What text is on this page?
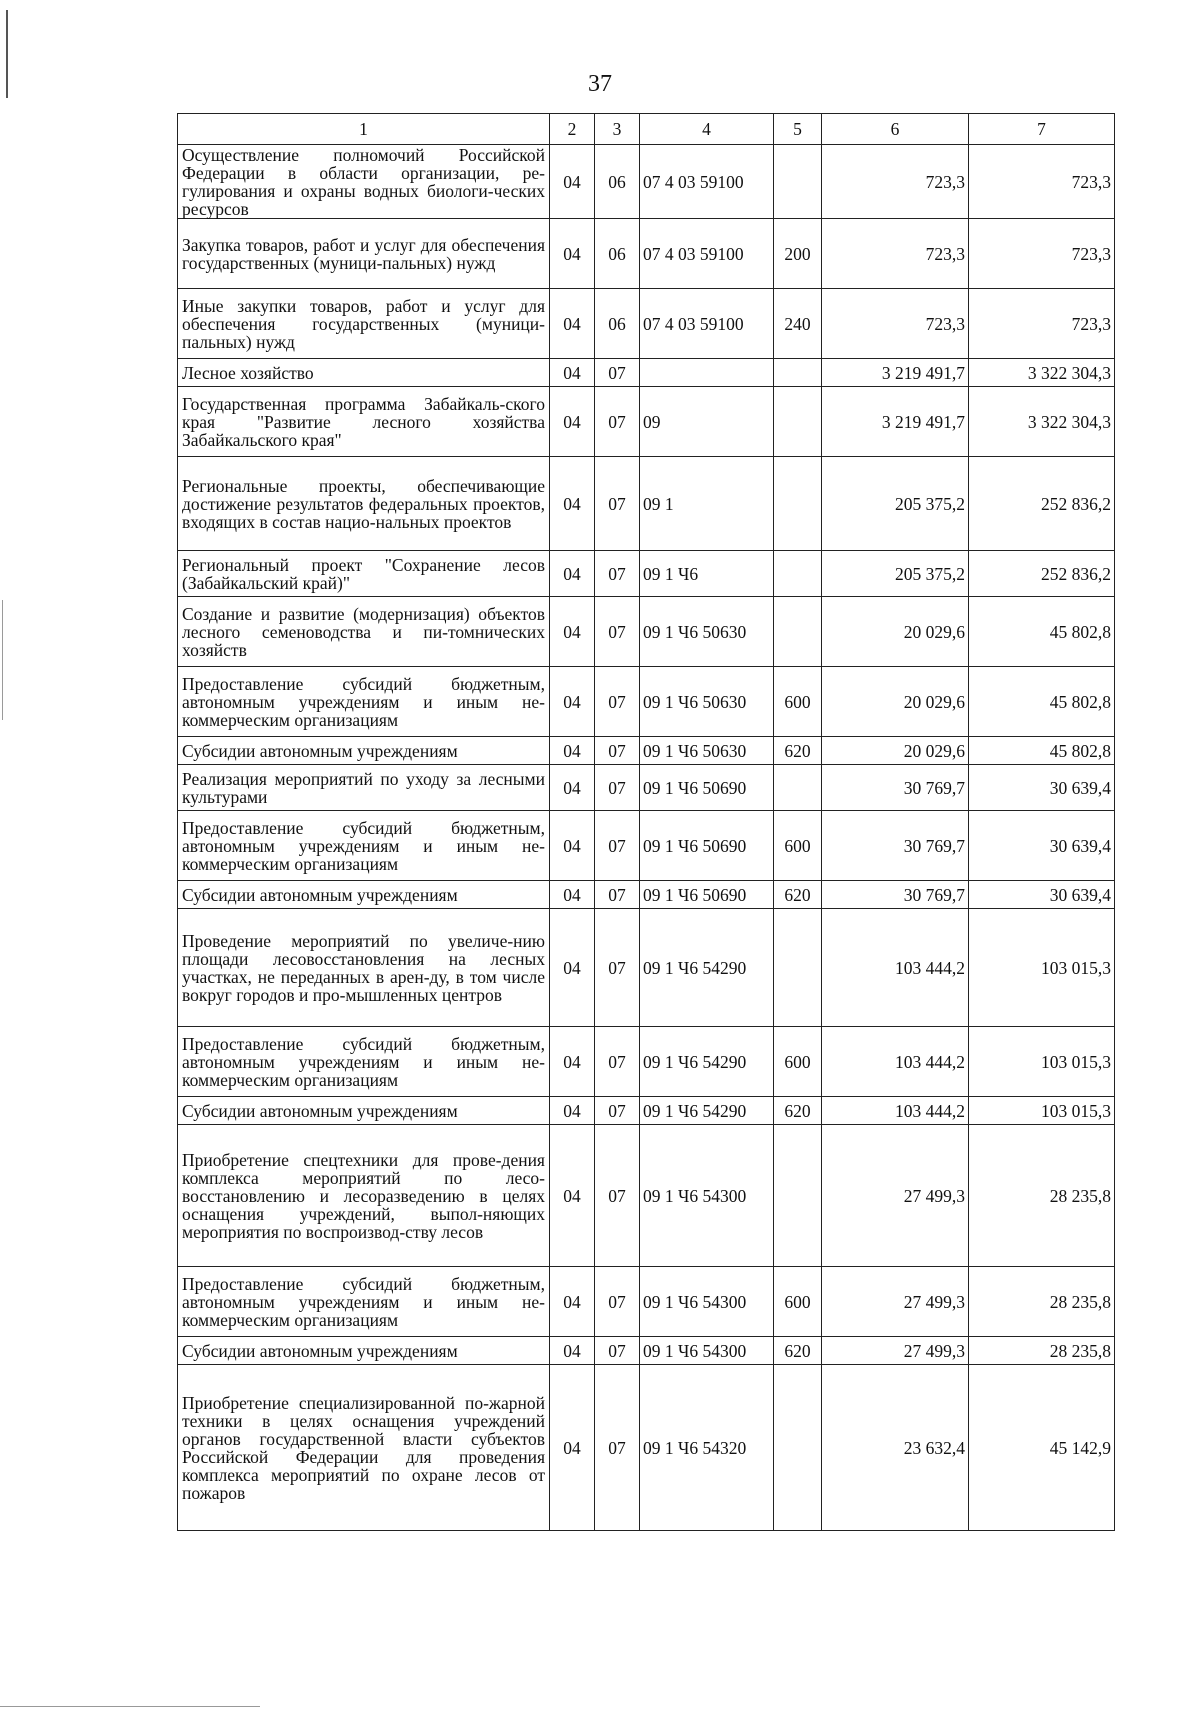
37
1	2	3	4	5	6	7
Осуществление полномочий Российской Федерации в области организации, ре-гулирования и охраны водных биологи-ческих ресурсов	04	06	07 4 03 59100		723,3	723,3
Закупка товаров, работ и услуг для обеспечения государственных (муници-пальных) нужд	04	06	07 4 03 59100	200	723,3	723,3
Иные закупки товаров, работ и услуг для обеспечения государственных (муници-пальных) нужд	04	06	07 4 03 59100	240	723,3	723,3
Лесное хозяйство	04	07			3 219 491,7	3 322 304,3
Государственная программа Забайкаль-ского края "Развитие лесного хозяйства Забайкальского края"	04	07	09		3 219 491,7	3 322 304,3
Региональные проекты, обеспечивающие достижение результатов федеральных проектов, входящих в состав нацио-нальных проектов	04	07	09 1		205 375,2	252 836,2
Региональный проект "Сохранение лесов (Забайкальский край)"	04	07	09 1 Ч6		205 375,2	252 836,2
Создание и развитие (модернизация) объектов лесного семеноводства и пи-томнических хозяйств	04	07	09 1 Ч6 50630		20 029,6	45 802,8
Предоставление субсидий бюджетным, автономным учреждениям и иным не-коммерческим организациям	04	07	09 1 Ч6 50630	600	20 029,6	45 802,8
Субсидии автономным учреждениям	04	07	09 1 Ч6 50630	620	20 029,6	45 802,8
Реализация мероприятий по уходу за лесными культурами	04	07	09 1 Ч6 50690		30 769,7	30 639,4
Предоставление субсидий бюджетным, автономным учреждениям и иным не-коммерческим организациям	04	07	09 1 Ч6 50690	600	30 769,7	30 639,4
Субсидии автономным учреждениям	04	07	09 1 Ч6 50690	620	30 769,7	30 639,4
Проведение мероприятий по увеличе-нию площади лесовосстановления на лесных участках, не переданных в арен-ду, в том числе вокруг городов и про-мышленных центров	04	07	09 1 Ч6 54290		103 444,2	103 015,3
Предоставление субсидий бюджетным, автономным учреждениям и иным не-коммерческим организациям	04	07	09 1 Ч6 54290	600	103 444,2	103 015,3
Субсидии автономным учреждениям	04	07	09 1 Ч6 54290	620	103 444,2	103 015,3
Приобретение спецтехники для прове-дения комплекса мероприятий по лесо-восстановлению и лесоразведению в целях оснащения учреждений, выпол-няющих мероприятия по воспроизвод-ству лесов	04	07	09 1 Ч6 54300		27 499,3	28 235,8
Предоставление субсидий бюджетным, автономным учреждениям и иным не-коммерческим организациям	04	07	09 1 Ч6 54300	600	27 499,3	28 235,8
Субсидии автономным учреждениям	04	07	09 1 Ч6 54300	620	27 499,3	28 235,8
Приобретение специализированной по-жарной техники в целях оснащения учреждений органов государственной власти субъектов Российской Федерации для проведения комплекса мероприятий по охране лесов от пожаров	04	07	09 1 Ч6 54320		23 632,4	45 142,9
